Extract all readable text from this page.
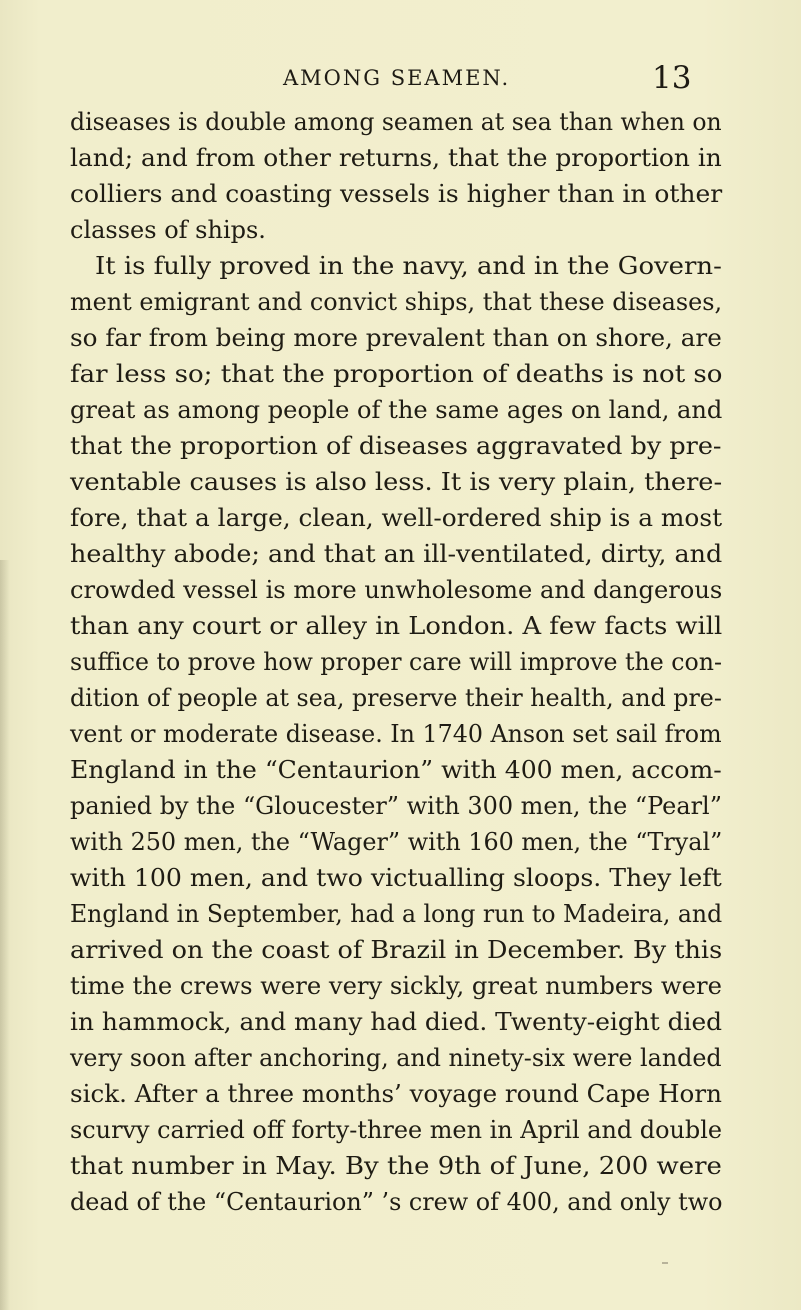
AMONG SEAMEN.	13
diseases is double among seamen at sea than when on
land; and from other returns, that the proportion in
colliers and coasting vessels is higher than in other
classes of ships.
It is fully proved in the navy, and in the Govern-
ment emigrant and convict ships, that these diseases,
so far from being more prevalent than on shore, are
far less so; that the proportion of deaths is not so
great as among people of the same ages on land, and
that the proportion of diseases aggravated by pre-
ventable causes is also less. It is very plain, there-
fore, that a large, clean, well-ordered ship is a most
healthy abode; and that an ill-ventilated, dirty, and
crowded vessel is more unwholesome and dangerous
than any court or alley in London. A few facts will
suffice to prove how proper care will improve the con-
dition of people at sea, preserve their health, and pre-
vent or moderate disease. In 1740 Anson set sail from
England in the “Centaurion” with 400 men, accom-
panied by the “Gloucester” with 300 men, the “Pearl”
with 250 men, the “Wager” with 160 men, the “Tryal”
with 100 men, and two victualling sloops. They left
England in September, had a long run to Madeira, and
arrived on the coast of Brazil in December. By this
time the crews were very sickly, great numbers were
in hammock, and many had died. Twenty-eight died
very soon after anchoring, and ninety-six were landed
sick. After a three months’ voyage round Cape Horn
scurvy carried off forty-three men in April and double
that number in May. By the 9th of June, 200 were
dead of the “Centaurion” ’s crew of 400, and only two
